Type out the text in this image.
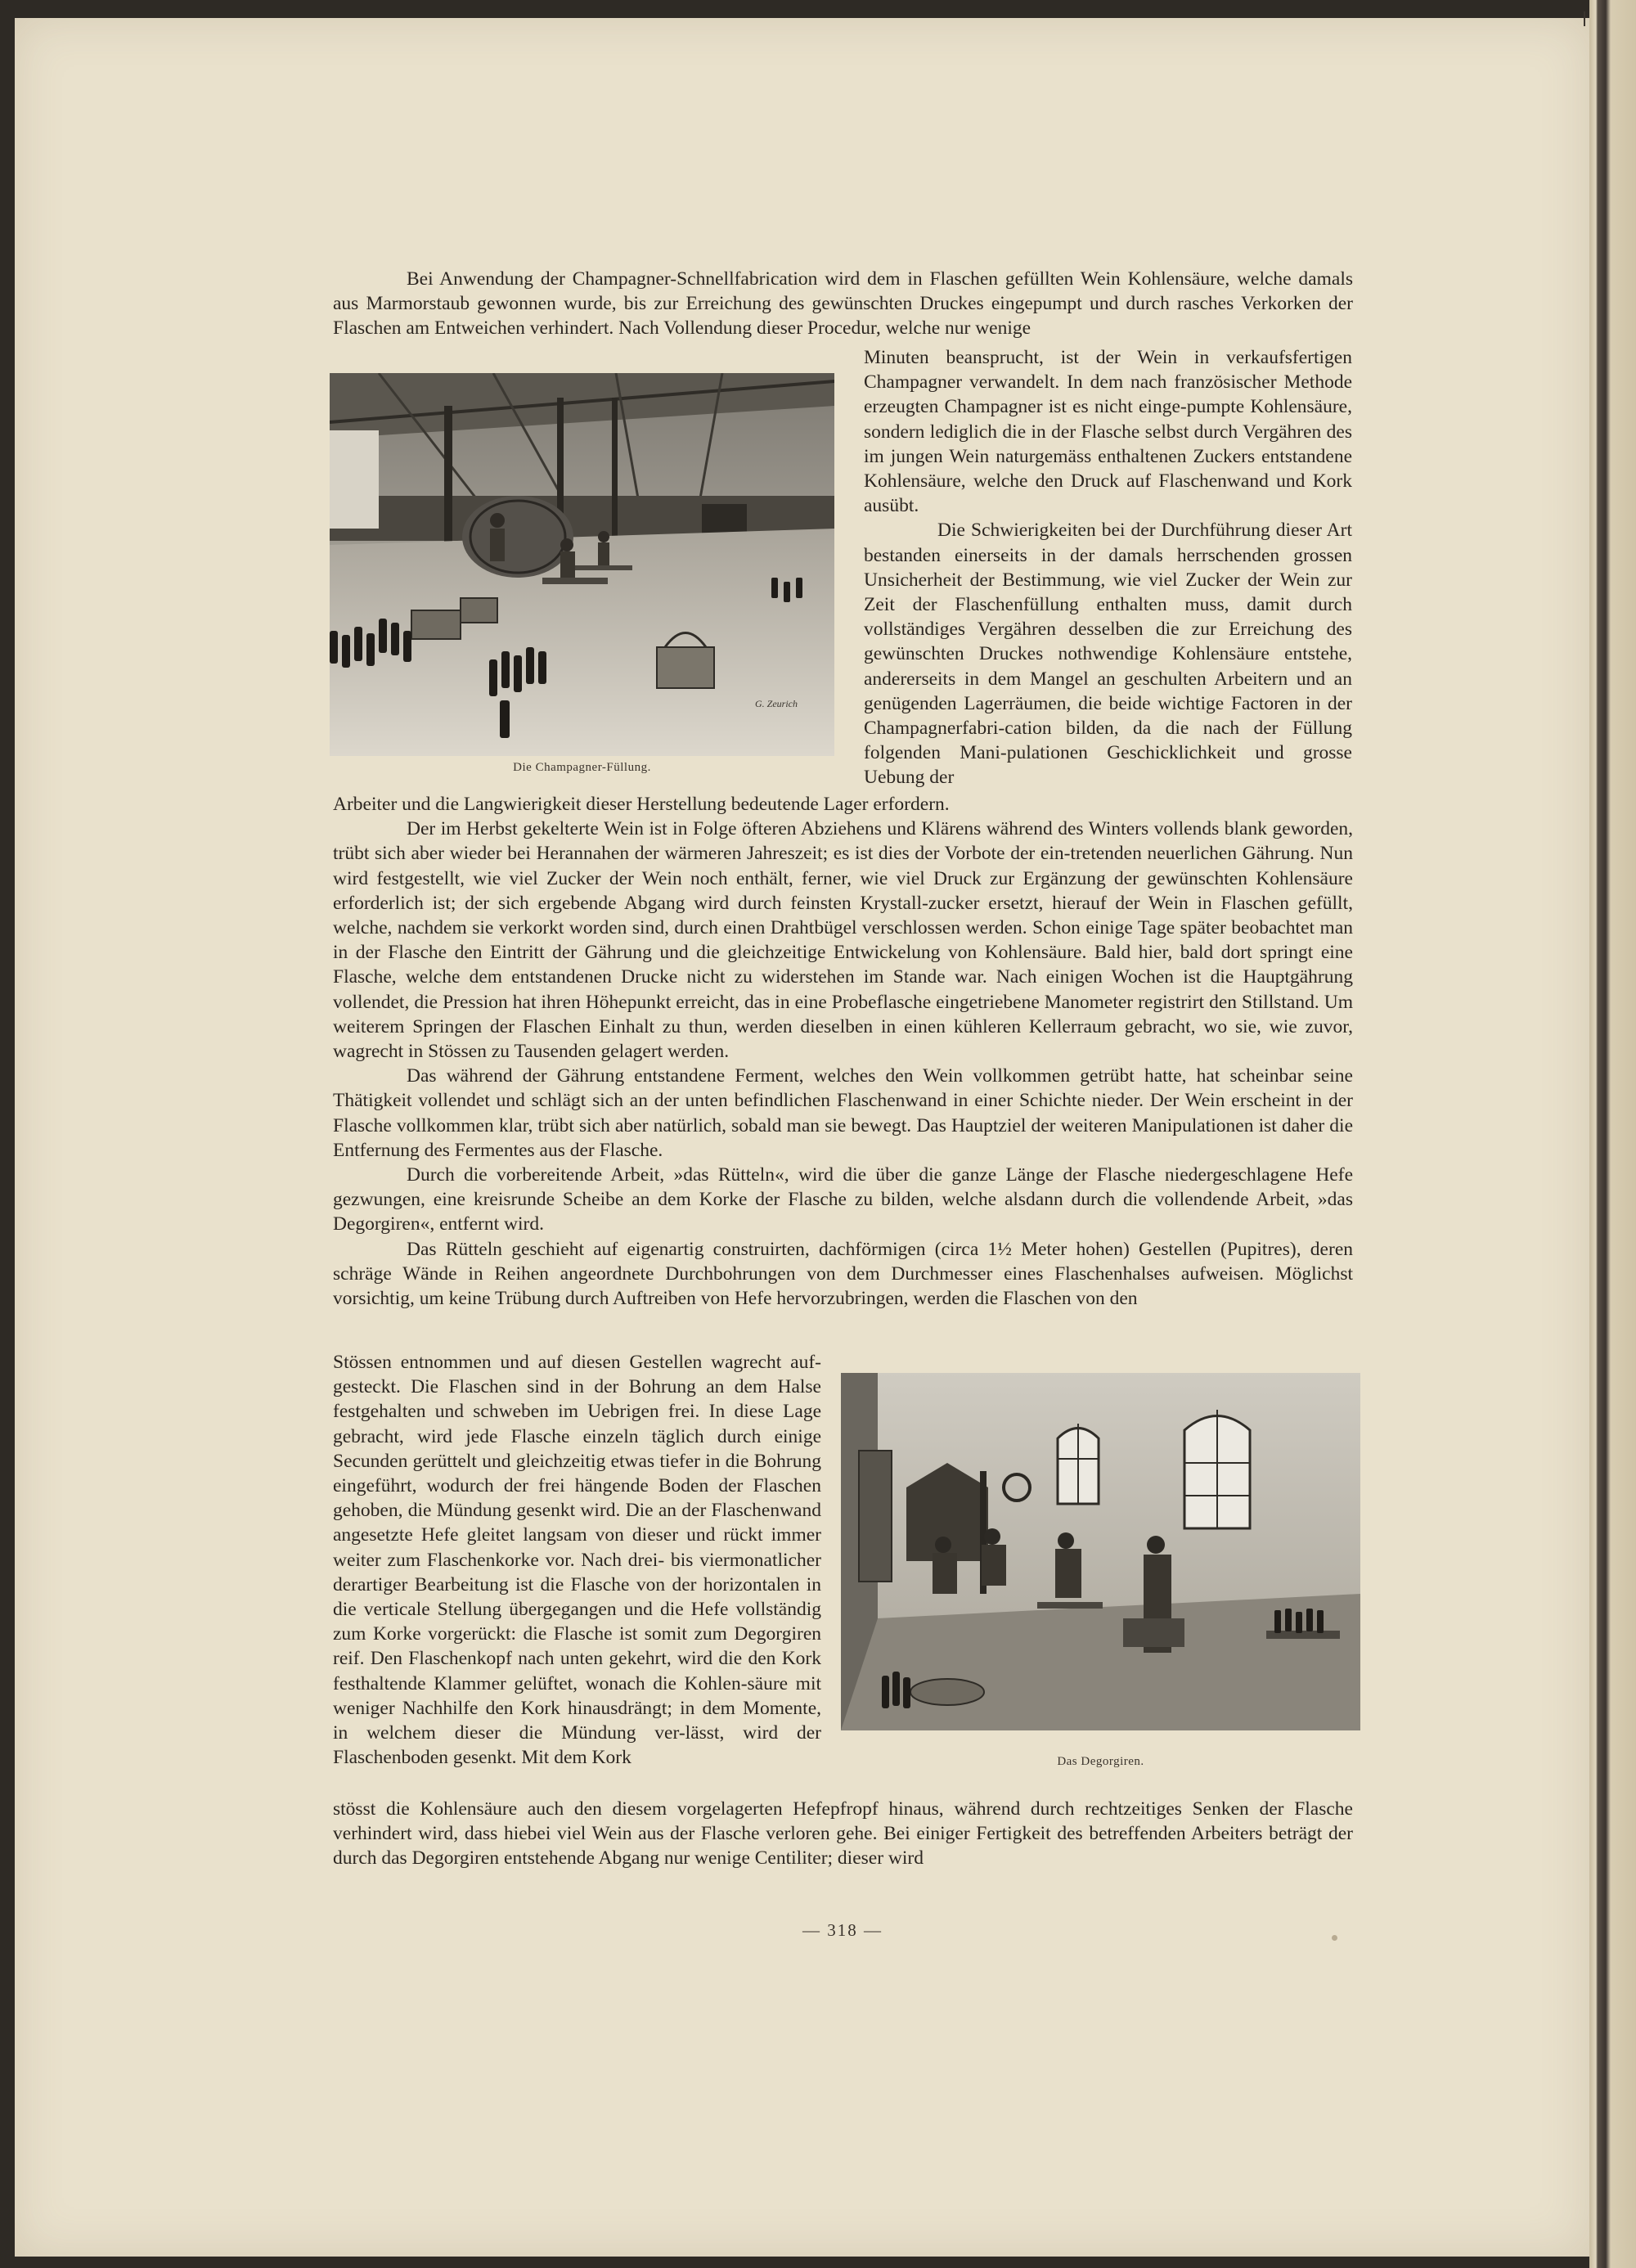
Bei Anwendung der Champagner-Schnellfabrication wird dem in Flaschen gefüllten Wein Kohlensäure, welche damals aus Marmorstaub gewonnen wurde, bis zur Erreichung des gewünschten Druckes eingepumpt und durch rasches Verkorken der Flaschen am Entweichen verhindert. Nach Vollendung dieser Procedur, welche nur wenige

G. Zeurich
Die Champagner-Füllung.

Minuten beansprucht, ist der Wein in verkaufsfertigen Champagner verwandelt. In dem nach französischer Methode erzeugten Champagner ist es nicht einge-pumpte Kohlensäure, sondern lediglich die in der Flasche selbst durch Vergähren des im jungen Wein naturgemäss enthaltenen Zuckers entstandene Kohlensäure, welche den Druck auf Flaschenwand und Kork ausübt.

Die Schwierigkeiten bei der Durchführung dieser Art bestanden einerseits in der damals herrschenden grossen Unsicherheit der Bestimmung, wie viel Zucker der Wein zur Zeit der Flaschenfüllung enthalten muss, damit durch vollständiges Vergähren desselben die zur Erreichung des gewünschten Druckes nothwendige Kohlensäure entstehe, andererseits in dem Mangel an geschulten Arbeitern und an genügenden Lagerräumen, die beide wichtige Factoren in der Champagnerfabri-cation bilden, da die nach der Füllung folgenden Mani-pulationen Geschicklichkeit und grosse Uebung der

Arbeiter und die Langwierigkeit dieser Herstellung bedeutende Lager erfordern.

Der im Herbst gekelterte Wein ist in Folge öfteren Abziehens und Klärens während des Winters vollends blank geworden, trübt sich aber wieder bei Herannahen der wärmeren Jahreszeit; es ist dies der Vorbote der ein-tretenden neuerlichen Gährung. Nun wird festgestellt, wie viel Zucker der Wein noch enthält, ferner, wie viel Druck zur Ergänzung der gewünschten Kohlensäure erforderlich ist; der sich ergebende Abgang wird durch feinsten Krystall-zucker ersetzt, hierauf der Wein in Flaschen gefüllt, welche, nachdem sie verkorkt worden sind, durch einen Drahtbügel verschlossen werden. Schon einige Tage später beobachtet man in der Flasche den Eintritt der Gährung und die gleichzeitige Entwickelung von Kohlensäure. Bald hier, bald dort springt eine Flasche, welche dem entstandenen Drucke nicht zu widerstehen im Stande war. Nach einigen Wochen ist die Hauptgährung vollendet, die Pression hat ihren Höhepunkt erreicht, das in eine Probeflasche eingetriebene Manometer registrirt den Stillstand. Um weiterem Springen der Flaschen Einhalt zu thun, werden dieselben in einen kühleren Kellerraum gebracht, wo sie, wie zuvor, wagrecht in Stössen zu Tausenden gelagert werden.

Das während der Gährung entstandene Ferment, welches den Wein vollkommen getrübt hatte, hat scheinbar seine Thätigkeit vollendet und schlägt sich an der unten befindlichen Flaschenwand in einer Schichte nieder. Der Wein erscheint in der Flasche vollkommen klar, trübt sich aber natürlich, sobald man sie bewegt. Das Hauptziel der weiteren Manipulationen ist daher die Entfernung des Fermentes aus der Flasche.

Durch die vorbereitende Arbeit, »das Rütteln«, wird die über die ganze Länge der Flasche niedergeschlagene Hefe gezwungen, eine kreisrunde Scheibe an dem Korke der Flasche zu bilden, welche alsdann durch die vollendende Arbeit, »das Degorgiren«, entfernt wird.

Das Rütteln geschieht auf eigenartig construirten, dachförmigen (circa 1½ Meter hohen) Gestellen (Pupitres), deren schräge Wände in Reihen angeordnete Durchbohrungen von dem Durchmesser eines Flaschenhalses aufweisen. Möglichst vorsichtig, um keine Trübung durch Auftreiben von Hefe hervorzubringen, werden die Flaschen von den

Stössen entnommen und auf diesen Gestellen wagrecht auf-gesteckt. Die Flaschen sind in der Bohrung an dem Halse festgehalten und schweben im Uebrigen frei. In diese Lage gebracht, wird jede Flasche einzeln täglich durch einige Secunden gerüttelt und gleichzeitig etwas tiefer in die Bohrung eingeführt, wodurch der frei hängende Boden der Flaschen gehoben, die Mündung gesenkt wird. Die an der Flaschenwand angesetzte Hefe gleitet langsam von dieser und rückt immer weiter zum Flaschenkorke vor. Nach drei- bis viermonatlicher derartiger Bearbeitung ist die Flasche von der horizontalen in die verticale Stellung übergegangen und die Hefe vollständig zum Korke vorgerückt: die Flasche ist somit zum Degorgiren reif. Den Flaschenkopf nach unten gekehrt, wird die den Kork festhaltende Klammer gelüftet, wonach die Kohlen-säure mit weniger Nachhilfe den Kork hinausdrängt; in dem Momente, in welchem dieser die Mündung ver-lässt, wird der Flaschenboden gesenkt. Mit dem Kork	Das Degorgiren.

stösst die Kohlensäure auch den diesem vorgelagerten Hefepfropf hinaus, während durch rechtzeitiges Senken der Flasche verhindert wird, dass hiebei viel Wein aus der Flasche verloren gehe. Bei einiger Fertigkeit des betreffenden Arbeiters beträgt der durch das Degorgiren entstehende Abgang nur wenige Centiliter; dieser wird

— 318 —
